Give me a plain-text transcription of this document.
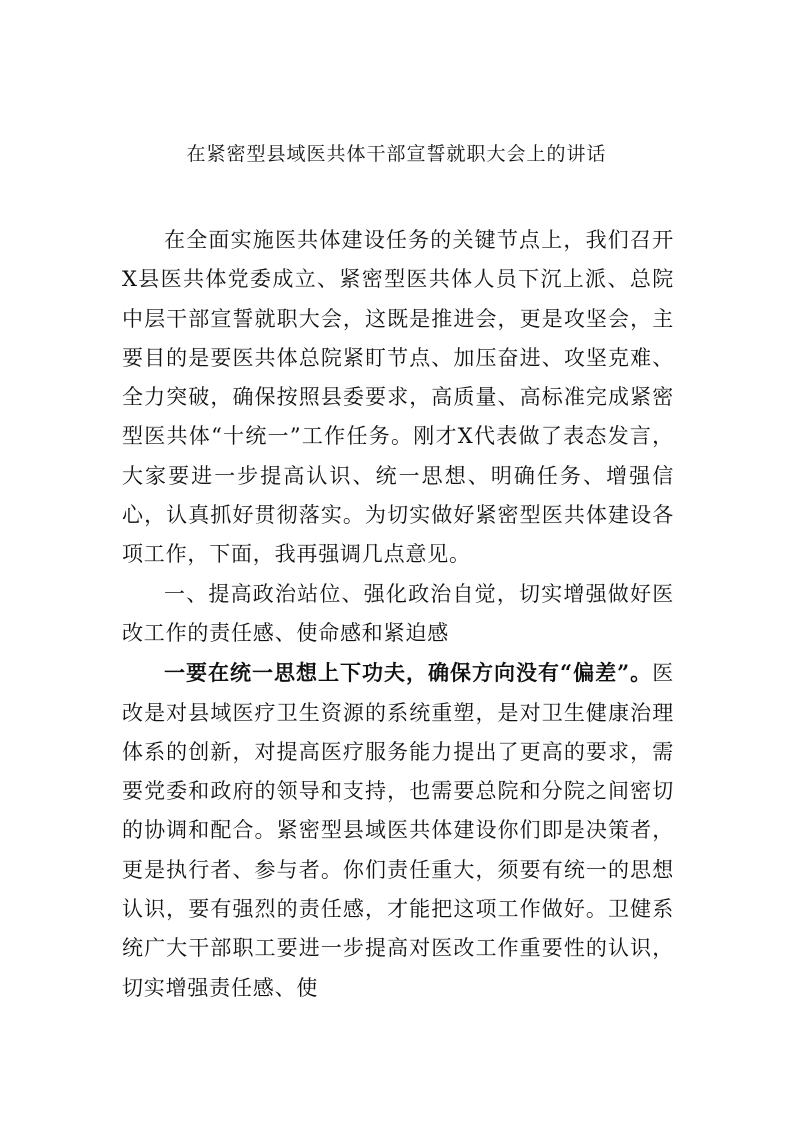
在紧密型县域医共体干部宣誓就职大会上的讲话

在全面实施医共体建设任务的关键节点上，我们召开X县医共体党委成立、紧密型医共体人员下沉上派、总院中层干部宣誓就职大会，这既是推进会，更是攻坚会，主要目的是要医共体总院紧盯节点、加压奋进、攻坚克难、全力突破，确保按照县委要求，高质量、高标准完成紧密型医共体“十统一”工作任务。刚才X代表做了表态发言，大家要进一步提高认识、统一思想、明确任务、增强信心，认真抓好贯彻落实。为切实做好紧密型医共体建设各项工作，下面，我再强调几点意见。

一、提高政治站位、强化政治自觉，切实增强做好医改工作的责任感、使命感和紧迫感

一要在统一思想上下功夫，确保方向没有“偏差”。医改是对县域医疗卫生资源的系统重塑，是对卫生健康治理体系的创新，对提高医疗服务能力提出了更高的要求，需要党委和政府的领导和支持，也需要总院和分院之间密切的协调和配合。紧密型县域医共体建设你们即是决策者，更是执行者、参与者。你们责任重大，须要有统一的思想认识，要有强烈的责任感，才能把这项工作做好。卫健系统广大干部职工要进一步提高对医改工作重要性的认识，切实增强责任感、使
